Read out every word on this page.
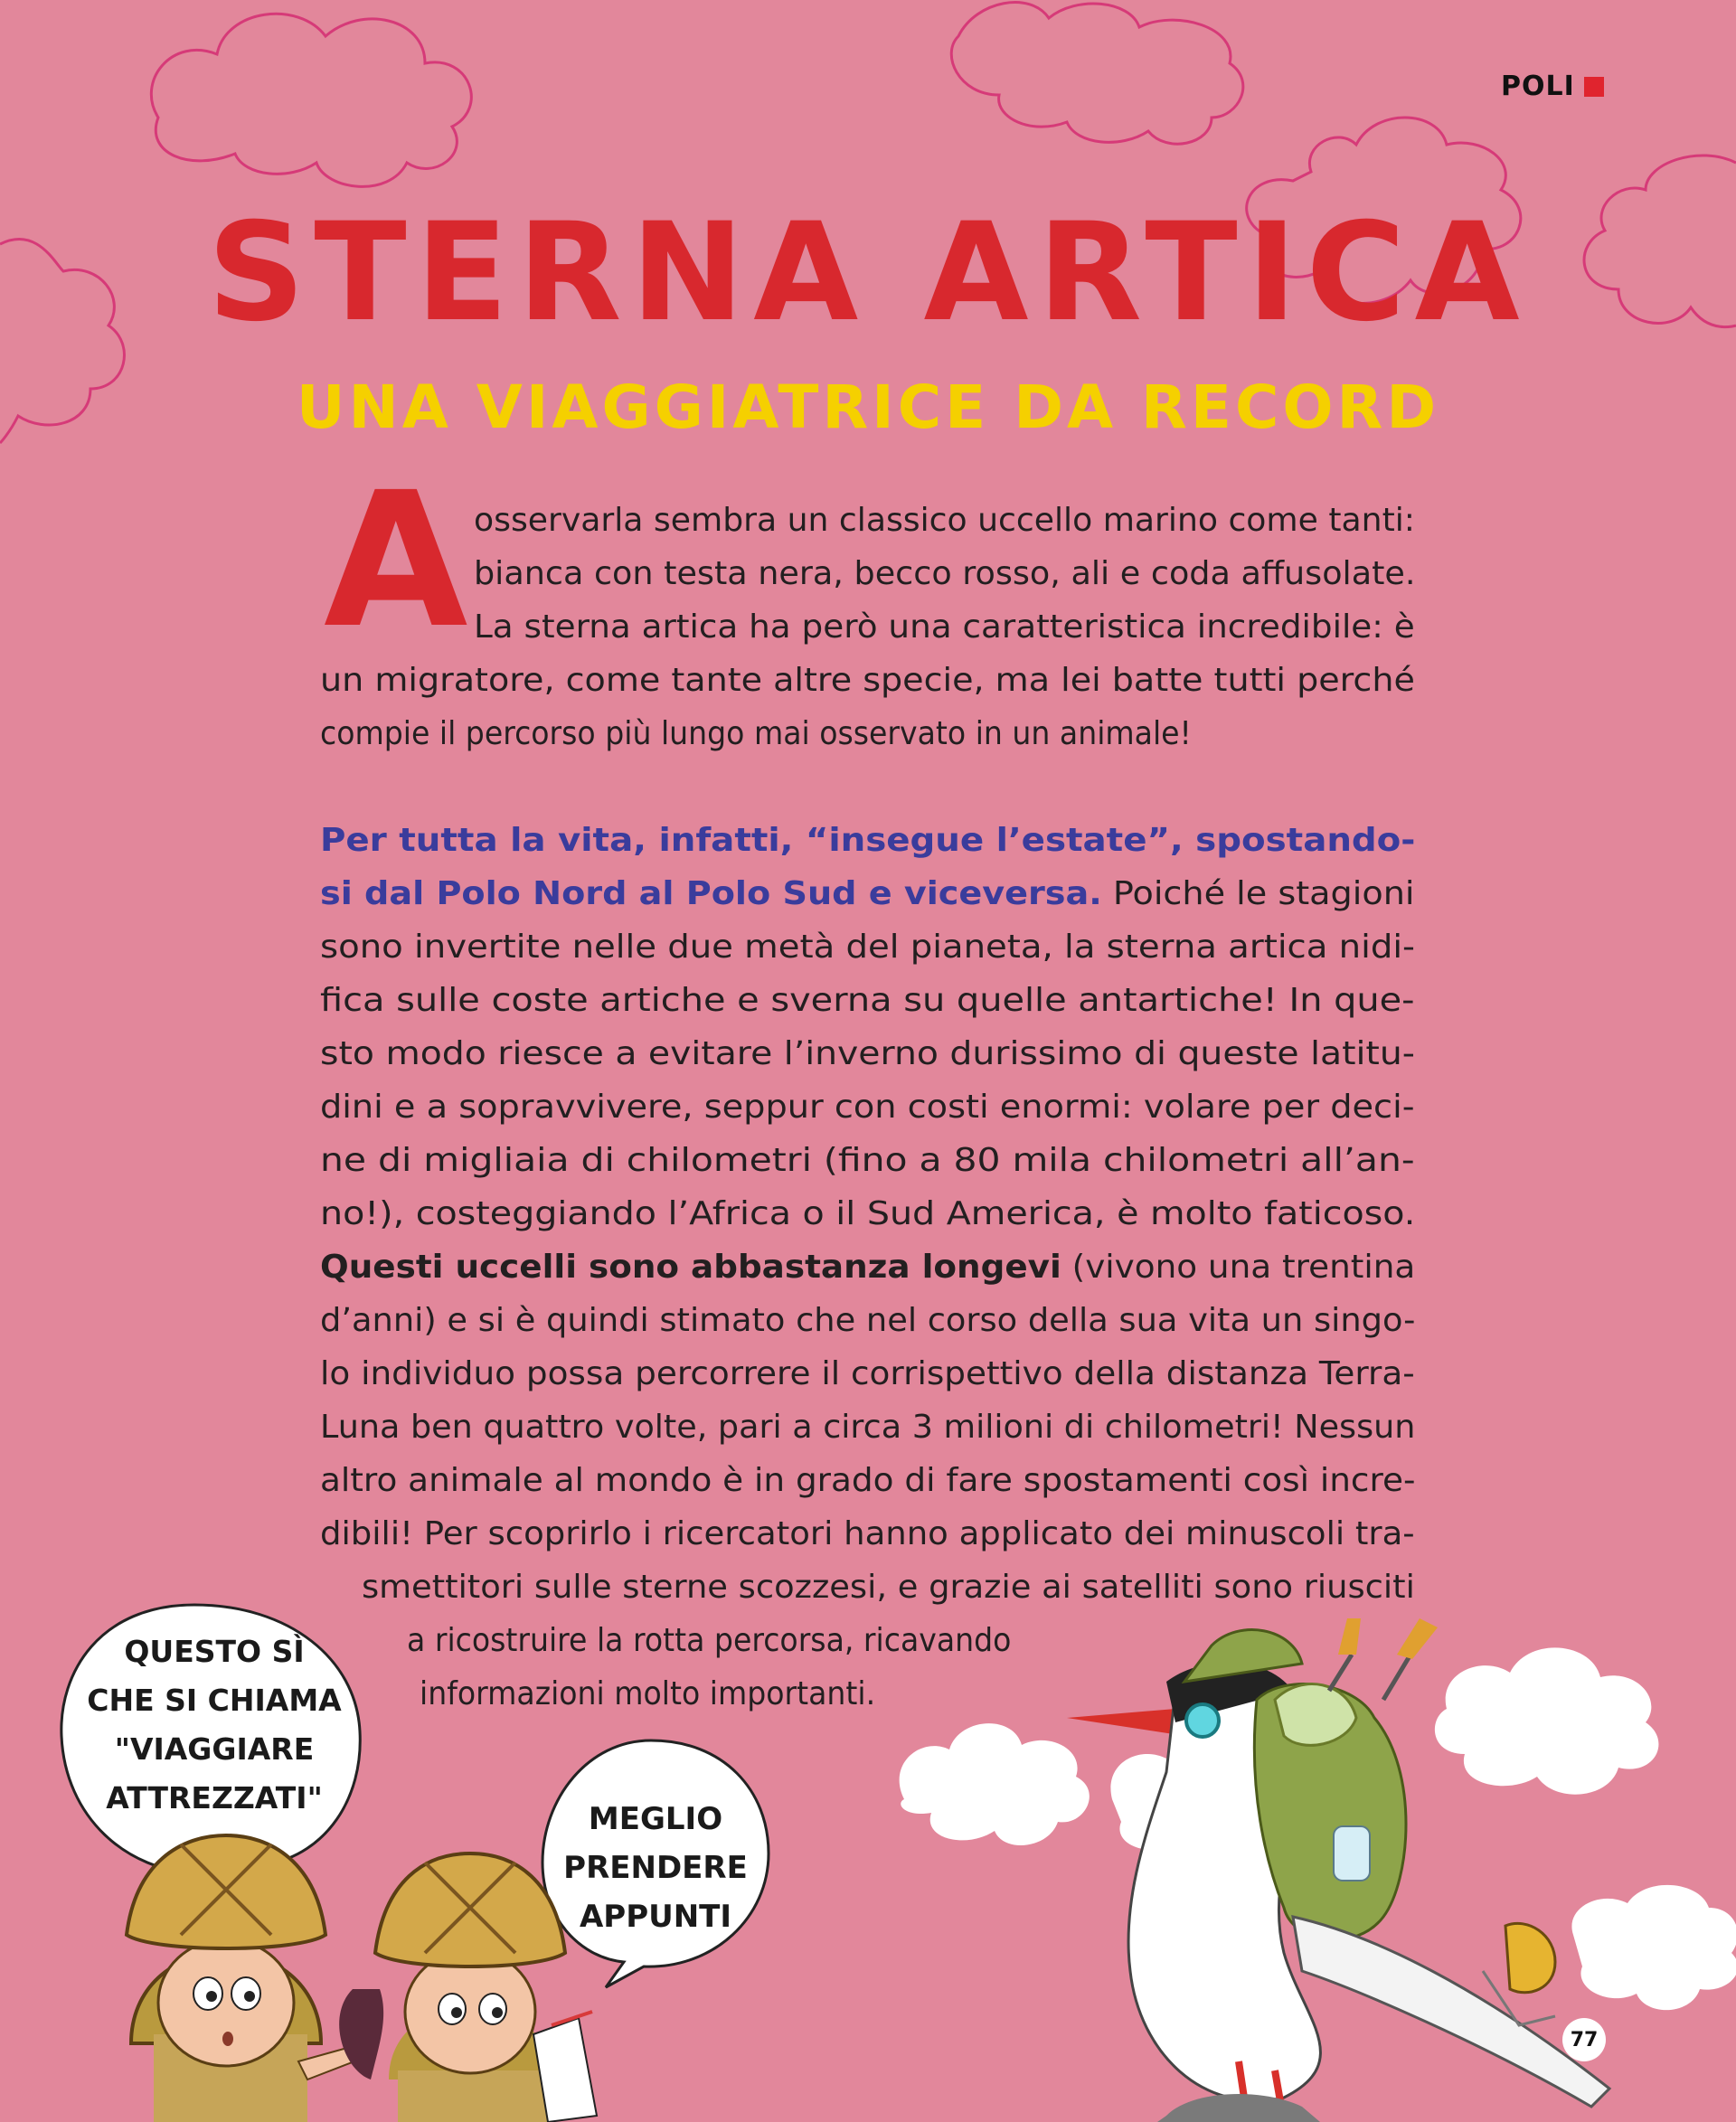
POLI
STERNA ARTICA
UNA VIAGGIATRICE DA RECORD
A osservarla sembra un classico uccello marino come tanti:

bianca con testa nera, becco rosso, ali e coda affusolate.

La sterna artica ha però una caratteristica incredibile: è

un migratore, come tante altre specie, ma lei batte tutti perché

compie il percorso più lungo mai osservato in un animale!

Per tutta la vita, infatti, “insegue l’estate”, spostando-

si dal Polo Nord al Polo Sud e viceversa. Poiché le stagioni

sono invertite nelle due metà del pianeta, la sterna artica nidi-

fica sulle coste artiche e sverna su quelle antartiche! In que-

sto modo riesce a evitare l’inverno durissimo di queste latitu-

dini e a sopravvivere, seppur con costi enormi: volare per deci-

ne di migliaia di chilometri (fino a 80 mila chilometri all’an-

no!), costeggiando l’Africa o il Sud America, è molto faticoso.

Questi uccelli sono abbastanza longevi (vivono una trentina

d’anni) e si è quindi stimato che nel corso della sua vita un singo-

lo individuo possa percorrere il corrispettivo della distanza Terra-

Luna ben quattro volte, pari a circa 3 milioni di chilometri! Nessun

altro animale al mondo è in grado di fare spostamenti così incre-

dibili! Per scoprirlo i ricercatori hanno applicato dei minuscoli tra-

smettitori sulle sterne scozzesi, e grazie ai satelliti sono riusciti

a ricostruire la rotta percorsa, ricavando

informazioni molto importanti.

QUESTO SÌ
CHE SI CHIAMA
"VIAGGIARE
ATTREZZATI"
MEGLIO
PRENDERE
APPUNTI
77
